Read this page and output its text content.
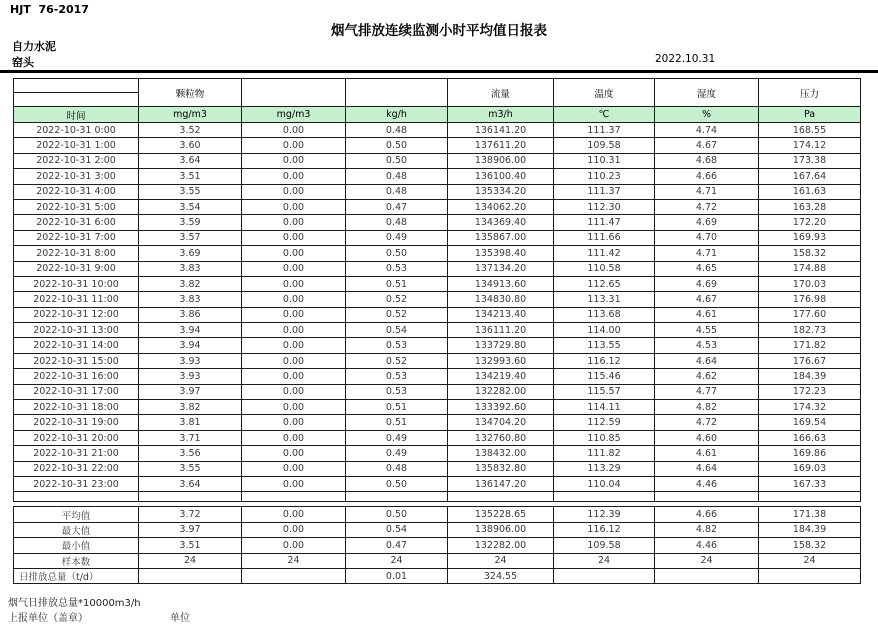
HJT  76-2017
烟气排放连续监测小时平均值日报表
自力水泥
窑头	2022.10.31
	颗粒物			流量	温度	湿度	压力

时间	mg/m3	mg/m3	kg/h	m3/h	℃	%	Pa
2022-10-31 0:00	3.52	0.00	0.48	136141.20	111.37	4.74	168.55
2022-10-31 1:00	3.60	0.00	0.50	137611.20	109.58	4.67	174.12
2022-10-31 2:00	3.64	0.00	0.50	138906.00	110.31	4.68	173.38
2022-10-31 3:00	3.51	0.00	0.48	136100.40	110.23	4.66	167.64
2022-10-31 4:00	3.55	0.00	0.48	135334.20	111.37	4.71	161.63
2022-10-31 5:00	3.54	0.00	0.47	134062.20	112.30	4.72	163.28
2022-10-31 6:00	3.59	0.00	0.48	134369.40	111.47	4.69	172.20
2022-10-31 7:00	3.57	0.00	0.49	135867.00	111.66	4.70	169.93
2022-10-31 8:00	3.69	0.00	0.50	135398.40	111.42	4.71	158.32
2022-10-31 9:00	3.83	0.00	0.53	137134.20	110.58	4.65	174.88
2022-10-31 10:00	3.82	0.00	0.51	134913.60	112.65	4.69	170.03
2022-10-31 11:00	3.83	0.00	0.52	134830.80	113.31	4.67	176.98
2022-10-31 12:00	3.86	0.00	0.52	134213.40	113.68	4.61	177.60
2022-10-31 13:00	3.94	0.00	0.54	136111.20	114.00	4.55	182.73
2022-10-31 14:00	3.94	0.00	0.53	133729.80	113.55	4.53	171.82
2022-10-31 15:00	3.93	0.00	0.52	132993.60	116.12	4.64	176.67
2022-10-31 16:00	3.93	0.00	0.53	134219.40	115.46	4.62	184.39
2022-10-31 17:00	3.97	0.00	0.53	132282.00	115.57	4.77	172.23
2022-10-31 18:00	3.82	0.00	0.51	133392.60	114.11	4.82	174.32
2022-10-31 19:00	3.81	0.00	0.51	134704.20	112.59	4.72	169.54
2022-10-31 20:00	3.71	0.00	0.49	132760.80	110.85	4.60	166.63
2022-10-31 21:00	3.56	0.00	0.49	138432.00	111.82	4.61	169.86
2022-10-31 22:00	3.55	0.00	0.48	135832.80	113.29	4.64	169.03
2022-10-31 23:00	3.64	0.00	0.50	136147.20	110.04	4.46	167.33

平均值	3.72	0.00	0.50	135228.65	112.39	4.66	171.38
最大值	3.97	0.00	0.54	138906.00	116.12	4.82	184.39
最小值	3.51	0.00	0.47	132282.00	109.58	4.46	158.32
样本数	24	24	24	24	24	24	24
日排放总量（t/d）			0.01	324.55			
烟气日排放总量*10000m3/h
上报单位（盖章）	单位
